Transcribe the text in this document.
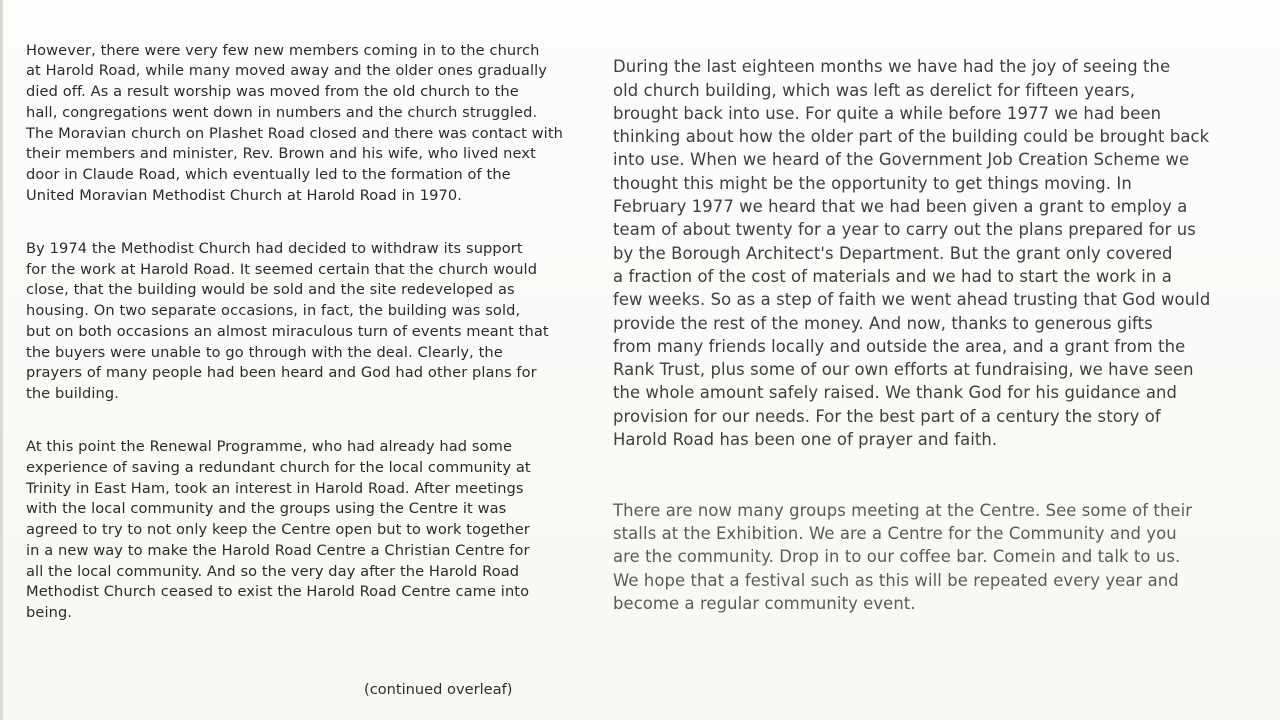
However, there were very few new members coming in to the church
at Harold Road, while many moved away and the older ones gradually
died off. As a result worship was moved from the old church to the
hall, congregations went down in numbers and the church struggled.
The Moravian church on Plashet Road closed and there was contact with
their members and minister, Rev. Brown and his wife, who lived next
door in Claude Road, which eventually led to the formation of the
United Moravian Methodist Church at Harold Road in 1970.

By 1974 the Methodist Church had decided to withdraw its support
for the work at Harold Road. It seemed certain that the church would
close, that the building would be sold and the site redeveloped as
housing. On two separate occasions, in fact, the building was sold,
but on both occasions an almost miraculous turn of events meant that
the buyers were unable to go through with the deal. Clearly, the
prayers of many people had been heard and God had other plans for
the building.

At this point the Renewal Programme, who had already had some
experience of saving a redundant church for the local community at
Trinity in East Ham, took an interest in Harold Road. After meetings
with the local community and the groups using the Centre it was
agreed to try to not only keep the Centre open but to work together
in a new way to make the Harold Road Centre a Christian Centre for
all the local community. And so the very day after the Harold Road
Methodist Church ceased to exist the Harold Road Centre came into
being.

During the last eighteen months we have had the joy of seeing the
old church building, which was left as derelict for fifteen years,
brought back into use. For quite a while before 1977 we had been
thinking about how the older part of the building could be brought back
into use. When we heard of the Government Job Creation Scheme we
thought this might be the opportunity to get things moving. In
February 1977 we heard that we had been given a grant to employ a
team of about twenty for a year to carry out the plans prepared for us
by the Borough Architect's Department. But the grant only covered
a fraction of the cost of materials and we had to start the work in a
few weeks. So as a step of faith we went ahead trusting that God would
provide the rest of the money. And now, thanks to generous gifts
from many friends locally and outside the area, and a grant from the
Rank Trust, plus some of our own efforts at fundraising, we have seen
the whole amount safely raised. We thank God for his guidance and
provision for our needs. For the best part of a century the story of
Harold Road has been one of prayer and faith.

There are now many groups meeting at the Centre. See some of their
stalls at the Exhibition. We are a Centre for the Community and you
are the community. Drop in to our coffee bar. Comein and talk to us.
We hope that a festival such as this will be repeated every year and
become a regular community event.

(continued overleaf)
